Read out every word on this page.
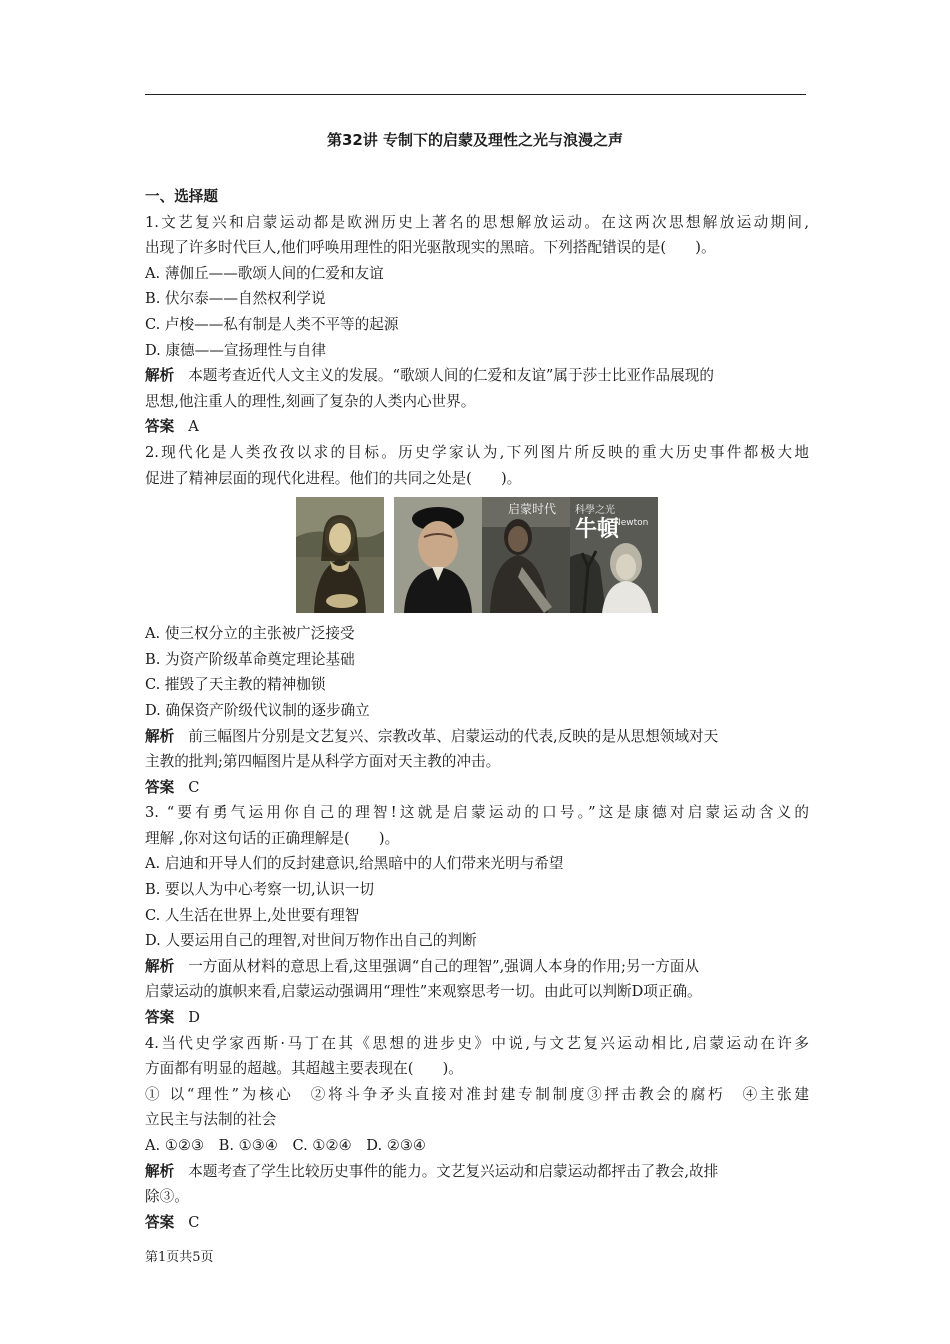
第32讲 专制下的启蒙及理性之光与浪漫之声
一、选择题
1.文艺复兴和启蒙运动都是欧洲历史上著名的思想解放运动。在这两次思想解放运动期间,
出现了许多时代巨人,他们呼唤用理性的阳光驱散现实的黑暗。下列搭配错误的是(　　)。
A. 薄伽丘——歌颂人间的仁爱和友谊
B. 伏尔泰——自然权利学说
C. 卢梭——私有制是人类不平等的起源
D. 康德——宣扬理性与自律
解析 本题考查近代人文主义的发展。“歌颂人间的仁爱和友谊”属于莎士比亚作品展现的
思想,他注重人的理性,刻画了复杂的人类内心世界。
答案 A
2.现代化是人类孜孜以求的目标。历史学家认为,下列图片所反映的重大历史事件都极大地
促进了精神层面的现代化进程。他们的共同之处是(　　)。
启蒙时代 科學之光
牛頓
Newton
A. 使三权分立的主张被广泛接受
B. 为资产阶级革命奠定理论基础
C. 摧毁了天主教的精神枷锁
D. 确保资产阶级代议制的逐步确立
解析 前三幅图片分别是文艺复兴、宗教改革、启蒙运动的代表,反映的是从思想领域对天
主教的批判;第四幅图片是从科学方面对天主教的冲击。
答案 C
3. “要有勇气运用你自己的理智!这就是启蒙运动的口号。”这是康德对启蒙运动含义的
理解 ,你对这句话的正确理解是(　　)。
A. 启迪和开导人们的反封建意识,给黑暗中的人们带来光明与希望
B. 要以人为中心考察一切,认识一切
C. 人生活在世界上,处世要有理智
D. 人要运用自己的理智,对世间万物作出自己的判断
解析 一方面从材料的意思上看,这里强调“自己的理智”,强调人本身的作用;另一方面从
启蒙运动的旗帜来看,启蒙运动强调用“理性”来观察思考一切。由此可以判断D项正确。
答案 D
4.当代史学家西斯·马丁在其《思想的进步史》中说,与文艺复兴运动相比,启蒙运动在许多
方面都有明显的超越。其超越主要表现在(　　)。
① 以“理性”为核心　②将斗争矛头直接对准封建专制制度③抨击教会的腐朽　④主张建
立民主与法制的社会
A. ①②③　B. ①③④　C. ①②④　D. ②③④
解析 本题考查了学生比较历史事件的能力。文艺复兴运动和启蒙运动都抨击了教会,故排
除③。
答案 C
第1页共5页
